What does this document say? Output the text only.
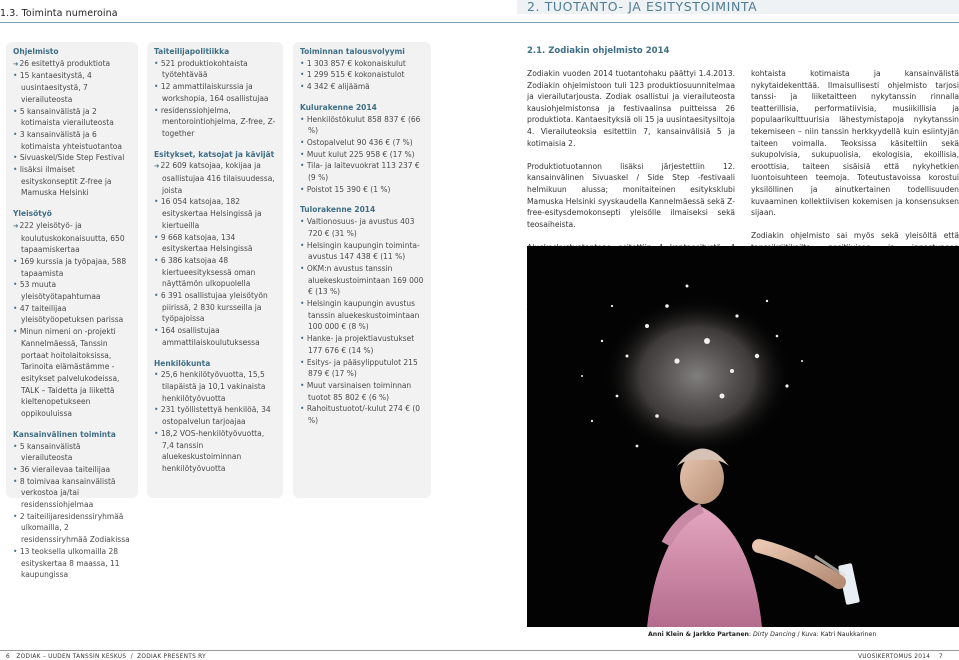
1.3. Toiminta numeroina	2. TUOTANTO- JA ESITYSTOIMINTA
Ohjelmisto
➔ 26 esitettyä produktiota
• 15 kantaesitystä, 4 uusintaesitystä, 7 vierailuteosta
• 5 kansainvälistä ja 2 kotimaista vierailuteosta
• 3 kansainvälistä ja 6 kotimaista yhteistuotantoa
• Sivuaskel/Side Step Festival
• lisäksi ilmaiset esityskonseptit Z-free ja Mamuska Helsinki
Yleisötyö
➔ 222 yleisötyö- ja koulutuskokonaisuutta, 650 tapaamiskertaa
• 169 kurssia ja työpajaa, 588 tapaamista
• 53 muuta yleisötyötapahtumaa
• 47 taiteilijaa yleisötyöopetuksen parissa
• Minun nimeni on -projekti Kannelmäessä, Tanssin portaat hoitolaitoksissa, Tarinoita elämästämme -esitykset palvelukodeissa, TALK – Taidetta ja liikettä kieltenopetukseen oppikouluissa
Kansainvälinen toiminta
• 5 kansainvälistä vierailuteosta
• 36 vierailevaa taiteilijaa
• 8 toimivaa kansainvälistä verkostoa ja/tai residenssiohjelmaa
• 2 taiteilijaresidenssiryhmää ulkomailla, 2 residenssiryhmää Zodiakissa
• 13 teoksella ulkomailla 28 esityskertaa 8 maassa, 11 kaupungissa
Taiteilijapolitiikka
• 521 produktiokohtaista työtehtävää
• 12 ammattilaiskurssia ja workshopia, 164 osallistujaa
• residenssiohjelma, mentorointiohjelma, Z-free, Z-together
Esitykset, katsojat ja kävijät
➔ 22 609 katsojaa, kokijaa ja osallistujaa 416 tilaisuudessa, joista
• 16 054 katsojaa, 182 esityskertaa Helsingissä ja kiertueilla
• 9 668 katsojaa, 134 esityskertaa Helsingissä
• 6 386 katsojaa 48 kiertueesityksessä oman näyttämön ulkopuolella
• 6 391 osallistujaa yleisötyön piirissä, 2 830 kursseilla ja työpajoissa
• 164 osallistujaa ammattilaiskoulutuksessa
Henkilökunta
• 25,6 henkilötyövuotta, 15,5 tilapäistä ja 10,1 vakinaista henkilötyövuotta
• 231 työllistettyä henkilöä, 34 ostopalvelun tarjoajaa
• 18,2 VOS-henkilötyövuotta, 7,4 tanssin aluekeskustoiminnan henkilötyövuotta
Toiminnan talousvolyymi
• 1 303 857 € kokonaiskulut
• 1 299 515 € kokonaistulot
• 4 342 € alijäämä
Kulurakenne 2014
• Henkilöstökulut 858 837 € (66 %)
• Ostopalvelut 90 436 € (7 %)
• Muut kulut 225 958 € (17 %)
• Tila- ja laitevuokrat 113 237 € (9 %)
• Poistot 15 390 € (1 %)
Tulorakenne 2014
• Valtionosuus- ja avustus 403 720 € (31 %)
• Helsingin kaupungin toiminta-avustus 147 438 € (11 %)
• OKM:n avustus tanssin aluekeskustoimintaan 169 000 € (13 %)
• Helsingin kaupungin avustus tanssin aluekeskustoimintaan 100 000 € (8 %)
• Hanke- ja projektiavustukset 177 676 € (14 %)
• Esitys- ja pääsylipputulot 215 879 € (17 %)
• Muut varsinaisen toiminnan tuotot 85 802 € (6 %)
• Rahoitustuotot/-kulut 274 € (0 %)
2.1. Zodiakin ohjelmisto 2014

Zodiakin vuoden 2014 tuotantohaku päättyi 1.4.2013. Zodiakin ohjelmistoon tuli 123 produktiosuunnitelmaa ja vierailutarjousta. Zodiak osallistui ja vierailuteosta kausiohjelmistonsa ja festivaalinsa puitteissa 26 produktiota. Kantaesityksiä oli 15 ja uusintaesitysiltoja 4. Vierailuteoksia esitettiin 7, kansainvälisiä 5 ja kotimaisia 2.

Produktiotuotannon lisäksi järjestettiin 12. kansainvälinen Sivuaskel / Side Step -festivaali helmikuun alussa; monitaiteinen esityksklubi Mamuska Helsinki syyskaudella Kannelmäessä sekä Z-free-esitysdemokonsepti yleisölle ilmaiseksi sekä teosaiheista.

kohtaista kotimaista ja kansainvälistä nykytaidekenttää. Ilmaisullisesti ohjelmisto tarjosi tanssi- ja liiketaitteen nykytanssin rinnalla teatterillisia, performatiivisia, musiikillisia ja populaarikulttuurisia lähestymistapoja nykytanssin tekemiseen – niin tanssin herkkyydellä kuin esiintyjän taiteen voimalla. Teoksissa käsiteltiin sekä sukupolvisia, sukupuolisia, ekologisia, ekoillisia, eroottisia, taiteen sisäisiä että nykyhetkien luontoisuhteen teemoja. Toteutustavoissa korostui yksilöllinen ja ainutkertainen todellisuuden kuvaaminen kollektiivisen kokemisen ja konsensuksen sijaan.

Zodiakin ohjelmisto sai myös sekä yleisöltä että

Anni Klein & Jarkko Partanen: Dirty Dancing / Kuva: Katri Naukkarinen
6   ZODIAK – UUDEN TANSSIN KESKUS  /  ZODIAK PRESENTS RY	VUOSIKERTOMUS 2014    7
